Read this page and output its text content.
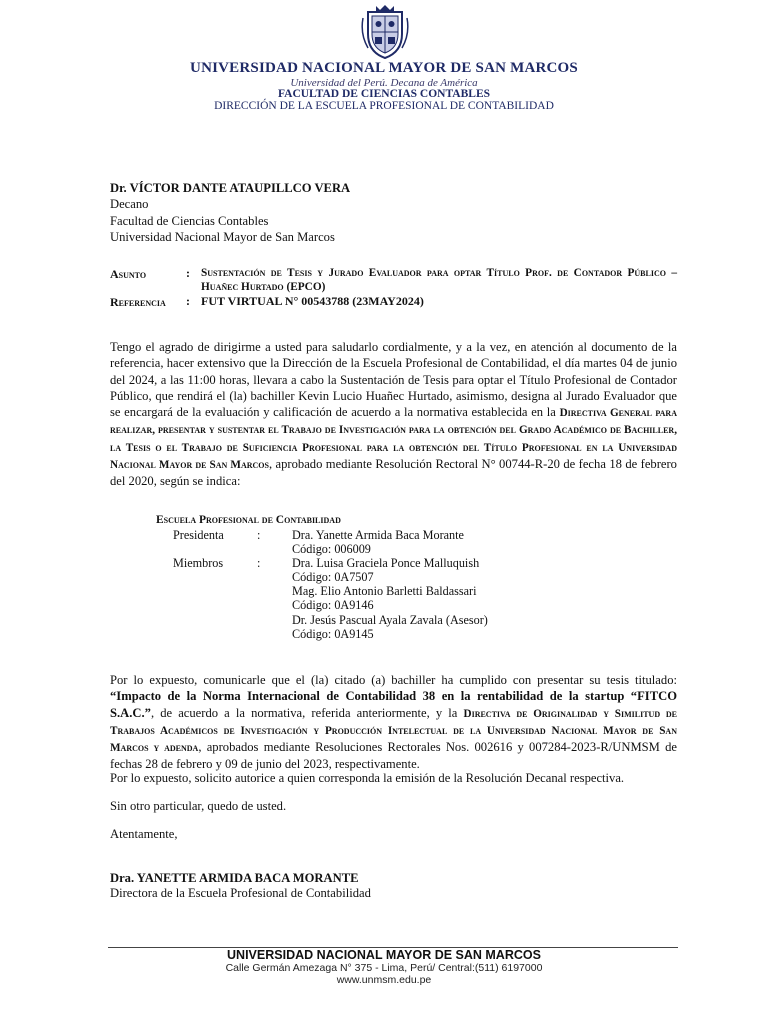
UNIVERSIDAD NACIONAL MAYOR DE SAN MARCOS
Universidad del Perú. Decana de América
FACULTAD DE CIENCIAS CONTABLES
DIRECCIÓN DE LA ESCUELA PROFESIONAL DE CONTABILIDAD
Dr. VÍCTOR DANTE ATAUPILLCO VERA
Decano
Facultad de Ciencias Contables
Universidad Nacional Mayor de San Marcos
Asunto	: Sustentación de Tesis y Jurado Evaluador para optar Título Prof. de Contador Público – Huañec Hurtado (EPCO)
Referencia : FUT VIRTUAL N° 00543788 (23MAY2024)
Tengo el agrado de dirigirme a usted para saludarlo cordialmente, y a la vez, en atención al documento de la referencia, hacer extensivo que la Dirección de la Escuela Profesional de Contabilidad, el día martes 04 de junio del 2024, a las 11:00 horas, llevara a cabo la Sustentación de Tesis para optar el Título Profesional de Contador Público, que rendirá el (la) bachiller Kevin Lucio Huañec Hurtado, asimismo, designa al Jurado Evaluador que se encargará de la evaluación y calificación de acuerdo a la normativa establecida en la Directiva General para realizar, presentar y sustentar el Trabajo de Investigación para la obtención del Grado Académico de Bachiller, la Tesis o el Trabajo de Suficiencia Profesional para la obtención del Título Profesional en la Universidad Nacional Mayor de San Marcos, aprobado mediante Resolución Rectoral N° 00744-R-20 de fecha 18 de febrero del 2020, según se indica:
Escuela Profesional de Contabilidad
Presidenta	:	Dra. Yanette Armida Baca Morante
Código: 006009
Miembros	:	Dra. Luisa Graciela Ponce Malluquish
Código: 0A7507
Mag. Elio Antonio Barletti Baldassari
Código: 0A9146
Dr. Jesús Pascual Ayala Zavala (Asesor)
Código: 0A9145
Por lo expuesto, comunicarle que el (la) citado (a) bachiller ha cumplido con presentar su tesis titulado: “Impacto de la Norma Internacional de Contabilidad 38 en la rentabilidad de la startup “FITCO S.A.C.”, de acuerdo a la normativa, referida anteriormente, y la Directiva de Originalidad y Similitud de Trabajos Académicos de Investigación y Producción Intelectual de la Universidad Nacional Mayor de San Marcos y adenda, aprobados mediante Resoluciones Rectorales Nos. 002616 y 007284-2023-R/UNMSM de fechas 28 de febrero y 09 de junio del 2023, respectivamente.
Por lo expuesto, solicito autorice a quien corresponda la emisión de la Resolución Decanal respectiva.
Sin otro particular, quedo de usted.
Atentamente,
Dra. YANETTE ARMIDA BACA MORANTE
Directora de la Escuela Profesional de Contabilidad
UNIVERSIDAD NACIONAL MAYOR DE SAN MARCOS
Calle Germán Amezaga N° 375 - Lima, Perú/ Central:(511) 6197000
www.unmsm.edu.pe
